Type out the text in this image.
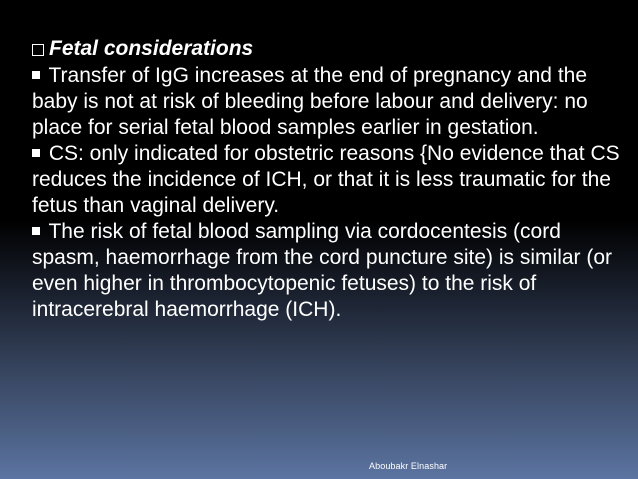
Fetal considerations

Transfer of IgG increases at the end of pregnancy and the baby is not at risk of bleeding before labour and delivery: no place for serial fetal blood samples earlier in gestation.

CS: only indicated for obstetric reasons {No evidence that CS reduces the incidence of ICH, or that it is less traumatic for the fetus than vaginal delivery.

The risk of fetal blood sampling via cordocentesis (cord spasm, haemorrhage from the cord puncture site) is similar (or even higher in thrombocytopenic fetuses) to the risk of intracerebral haemorrhage (ICH).

Aboubakr Elnashar
